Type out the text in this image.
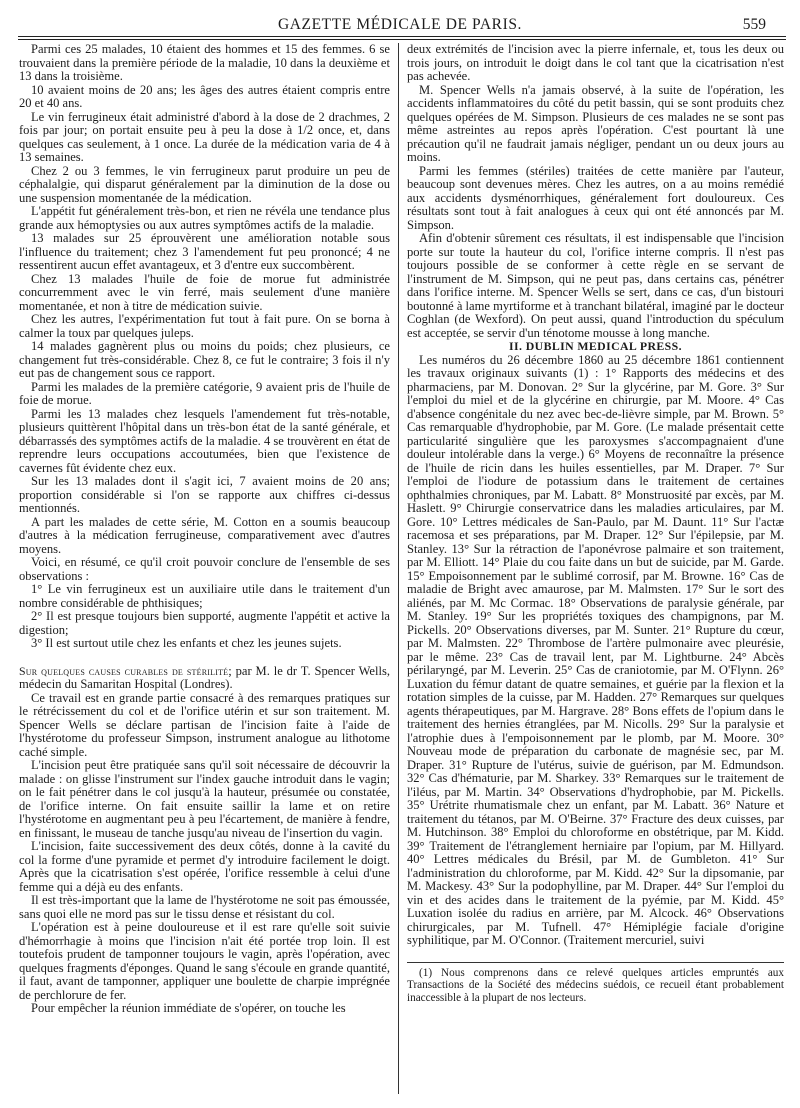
GAZETTE MÉDICALE DE PARIS.	559

Parmi ces 25 malades, 10 étaient des hommes et 15 des femmes. 6 se trouvaient dans la première période de la maladie, 10 dans la deuxième et 13 dans la troisième.

10 avaient moins de 20 ans; les âges des autres étaient compris entre 20 et 40 ans.

Le vin ferrugineux était administré d'abord à la dose de 2 drachmes, 2 fois par jour; on portait ensuite peu à peu la dose à 1/2 once, et, dans quelques cas seulement, à 1 once. La durée de la médication varia de 4 à 13 semaines.

Chez 2 ou 3 femmes, le vin ferrugineux parut produire un peu de céphalalgie, qui disparut généralement par la diminution de la dose ou une suspension momentanée de la médication.

L'appétit fut généralement très-bon, et rien ne révéla une tendance plus grande aux hémoptysies ou aux autres symptômes actifs de la maladie.

13 malades sur 25 éprouvèrent une amélioration notable sous l'influence du traitement; chez 3 l'amendement fut peu prononcé; 4 ne ressentirent aucun effet avantageux, et 3 d'entre eux succombèrent.

Chez 13 malades l'huile de foie de morue fut administrée concurremment avec le vin ferré, mais seulement d'une manière momentanée, et non à titre de médication suivie.

Chez les autres, l'expérimentation fut tout à fait pure. On se borna à calmer la toux par quelques juleps.

14 malades gagnèrent plus ou moins du poids; chez plusieurs, ce changement fut très-considérable. Chez 8, ce fut le contraire; 3 fois il n'y eut pas de changement sous ce rapport.

Parmi les malades de la première catégorie, 9 avaient pris de l'huile de foie de morue.

Parmi les 13 malades chez lesquels l'amendement fut très-notable, plusieurs quittèrent l'hôpital dans un très-bon état de la santé générale, et débarrassés des symptômes actifs de la maladie. 4 se trouvèrent en état de reprendre leurs occupations accoutumées, bien que l'existence de cavernes fût évidente chez eux.

Sur les 13 malades dont il s'agit ici, 7 avaient moins de 20 ans; proportion considérable si l'on se rapporte aux chiffres ci-dessus mentionnés.

A part les malades de cette série, M. Cotton en a soumis beaucoup d'autres à la médication ferrugineuse, comparativement avec d'autres moyens.

Voici, en résumé, ce qu'il croit pouvoir conclure de l'ensemble de ses observations :

1° Le vin ferrugineux est un auxiliaire utile dans le traitement d'un nombre considérable de phthisiques;

2° Il est presque toujours bien supporté, augmente l'appétit et active la digestion;

3° Il est surtout utile chez les enfants et chez les jeunes sujets.

Sur quelques causes curables de stérilité; par M. le dr T. Spencer Wells, médecin du Samaritan Hospital (Londres).

Ce travail est en grande partie consacré à des remarques pratiques sur le rétrécissement du col et de l'orifice utérin et sur son traitement. M. Spencer Wells se déclare partisan de l'incision faite à l'aide de l'hystérotome du professeur Simpson, instrument analogue au lithotome caché simple.

L'incision peut être pratiquée sans qu'il soit nécessaire de découvrir la malade : on glisse l'instrument sur l'index gauche introduit dans le vagin; on le fait pénétrer dans le col jusqu'à la hauteur, présumée ou constatée, de l'orifice interne. On fait ensuite saillir la lame et on retire l'hystérotome en augmentant peu à peu l'écartement, de manière à fendre, en finissant, le museau de tanche jusqu'au niveau de l'insertion du vagin.

L'incision, faite successivement des deux côtés, donne à la cavité du col la forme d'une pyramide et permet d'y introduire facilement le doigt. Après que la cicatrisation s'est opérée, l'orifice ressemble à celui d'une femme qui a déjà eu des enfants.

Il est très-important que la lame de l'hystérotome ne soit pas émoussée, sans quoi elle ne mord pas sur le tissu dense et résistant du col.

L'opération est à peine douloureuse et il est rare qu'elle soit suivie d'hémorrhagie à moins que l'incision n'ait été portée trop loin. Il est toutefois prudent de tamponner toujours le vagin, après l'opération, avec quelques fragments d'éponges. Quand le sang s'écoule en grande quantité, il faut, avant de tamponner, appliquer une boulette de charpie imprégnée de perchlorure de fer.

Pour empêcher la réunion immédiate de s'opérer, on touche les

deux extrémités de l'incision avec la pierre infernale, et, tous les deux ou trois jours, on introduit le doigt dans le col tant que la cicatrisation n'est pas achevée.

M. Spencer Wells n'a jamais observé, à la suite de l'opération, les accidents inflammatoires du côté du petit bassin, qui se sont produits chez quelques opérées de M. Simpson. Plusieurs de ces malades ne se sont pas même astreintes au repos après l'opération. C'est pourtant là une précaution qu'il ne faudrait jamais négliger, pendant un ou deux jours au moins.

Parmi les femmes (stériles) traitées de cette manière par l'auteur, beaucoup sont devenues mères. Chez les autres, on a au moins remédié aux accidents dysménorrhiques, généralement fort douloureux. Ces résultats sont tout à fait analogues à ceux qui ont été annoncés par M. Simpson.

Afin d'obtenir sûrement ces résultats, il est indispensable que l'incision porte sur toute la hauteur du col, l'orifice interne compris. Il n'est pas toujours possible de se conformer à cette règle en se servant de l'instrument de M. Simpson, qui ne peut pas, dans certains cas, pénétrer dans l'orifice interne. M. Spencer Wells se sert, dans ce cas, d'un bistouri boutonné à lame myrtiforme et à tranchant bilatéral, imaginé par le docteur Coghlan (de Wexford). On peut aussi, quand l'introduction du spéculum est acceptée, se servir d'un ténotome mousse à long manche.

II. DUBLIN MEDICAL PRESS.

Les numéros du 26 décembre 1860 au 25 décembre 1861 contiennent les travaux originaux suivants (1) : 1° Rapports des médecins et des pharmaciens, par M. Donovan. 2° Sur la glycérine, par M. Gore. 3° Sur l'emploi du miel et de la glycérine en chirurgie, par M. Moore. 4° Cas d'absence congénitale du nez avec bec-de-lièvre simple, par M. Brown. 5° Cas remarquable d'hydrophobie, par M. Gore. (Le malade présentait cette particularité singulière que les paroxysmes s'accompagnaient d'une douleur intolérable dans la verge.) 6° Moyens de reconnaître la présence de l'huile de ricin dans les huiles essentielles, par M. Draper. 7° Sur l'emploi de l'iodure de potassium dans le traitement de certaines ophthalmies chroniques, par M. Labatt. 8° Monstruosité par excès, par M. Haslett. 9° Chirurgie conservatrice dans les maladies articulaires, par M. Gore. 10° Lettres médicales de San-Paulo, par M. Daunt. 11° Sur l'actæ racemosa et ses préparations, par M. Draper. 12° Sur l'épilepsie, par M. Stanley. 13° Sur la rétraction de l'aponévrose palmaire et son traitement, par M. Elliott. 14° Plaie du cou faite dans un but de suicide, par M. Garde. 15° Empoisonnement par le sublimé corrosif, par M. Browne. 16° Cas de maladie de Bright avec amaurose, par M. Malmsten. 17° Sur le sort des aliénés, par M. Mc Cormac. 18° Observations de paralysie générale, par M. Stanley. 19° Sur les propriétés toxiques des champignons, par M. Pickells. 20° Observations diverses, par M. Sunter. 21° Rupture du cœur, par M. Malmsten. 22° Thrombose de l'artère pulmonaire avec pleurésie, par le même. 23° Cas de travail lent, par M. Lightburne. 24° Abcès périlaryngé, par M. Leverin. 25° Cas de craniotomie, par M. O'Flynn. 26° Luxation du fémur datant de quatre semaines, et guérie par la flexion et la rotation simples de la cuisse, par M. Hadden. 27° Remarques sur quelques agents thérapeutiques, par M. Hargrave. 28° Bons effets de l'opium dans le traitement des hernies étranglées, par M. Nicolls. 29° Sur la paralysie et l'atrophie dues à l'empoisonnement par le plomb, par M. Moore. 30° Nouveau mode de préparation du carbonate de magnésie sec, par M. Draper. 31° Rupture de l'utérus, suivie de guérison, par M. Edmundson. 32° Cas d'hématurie, par M. Sharkey. 33° Remarques sur le traitement de l'iléus, par M. Martin. 34° Observations d'hydrophobie, par M. Pickells. 35° Urétrite rhumatismale chez un enfant, par M. Labatt. 36° Nature et traitement du tétanos, par M. O'Beirne. 37° Fracture des deux cuisses, par M. Hutchinson. 38° Emploi du chloroforme en obstétrique, par M. Kidd. 39° Traitement de l'étranglement herniaire par l'opium, par M. Hillyard. 40° Lettres médicales du Brésil, par M. de Gumbleton. 41° Sur l'administration du chloroforme, par M. Kidd. 42° Sur la dipsomanie, par M. Mackesy. 43° Sur la podophylline, par M. Draper. 44° Sur l'emploi du vin et des acides dans le traitement de la pyémie, par M. Kidd. 45° Luxation isolée du radius en arrière, par M. Alcock. 46° Observations chirurgicales, par M. Tufnell. 47° Hémiplégie faciale d'origine syphilitique, par M. O'Connor. (Traitement mercuriel, suivi

(1) Nous comprenons dans ce relevé quelques articles empruntés aux Transactions de la Société des médecins suédois, ce recueil étant probablement inaccessible à la plupart de nos lecteurs.
